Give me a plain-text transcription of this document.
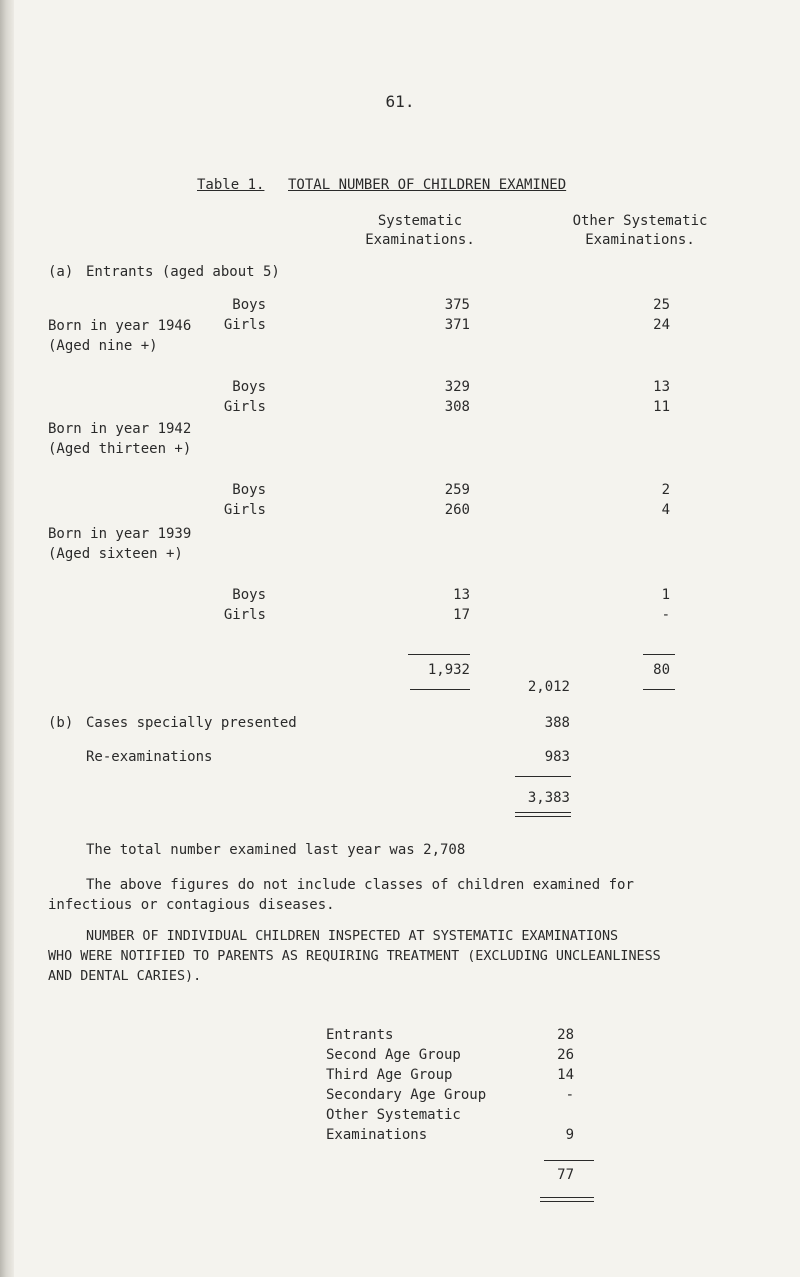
61.
Table 1. TOTAL NUMBER OF CHILDREN EXAMINED
Systematic
Examinations.
Other Systematic
Examinations.
(a) Entrants (aged about 5)
Boys	375	25
Girls	371	24
Born in year 1946
(Aged nine +)
Boys	329	13
Girls	308	11
Born in year 1942
(Aged thirteen +)
Boys	259	2
Girls	260	4
Born in year 1939
(Aged sixteen +)
Boys	13	1
Girls	17	-
1,932	80
2,012
(b) Cases specially presented	388
Re-examinations	983
3,383
The total number examined last year was 2,708
The above figures do not include classes of children examined for
infectious or contagious diseases.
NUMBER OF INDIVIDUAL CHILDREN INSPECTED AT SYSTEMATIC EXAMINATIONS
WHO WERE NOTIFIED TO PARENTS AS REQUIRING TREATMENT (EXCLUDING UNCLEANLINESS
AND DENTAL CARIES).
Entrants	28
Second Age Group	26
Third Age Group	14
Secondary Age Group	-
Other Systematic
Examinations	9
77
